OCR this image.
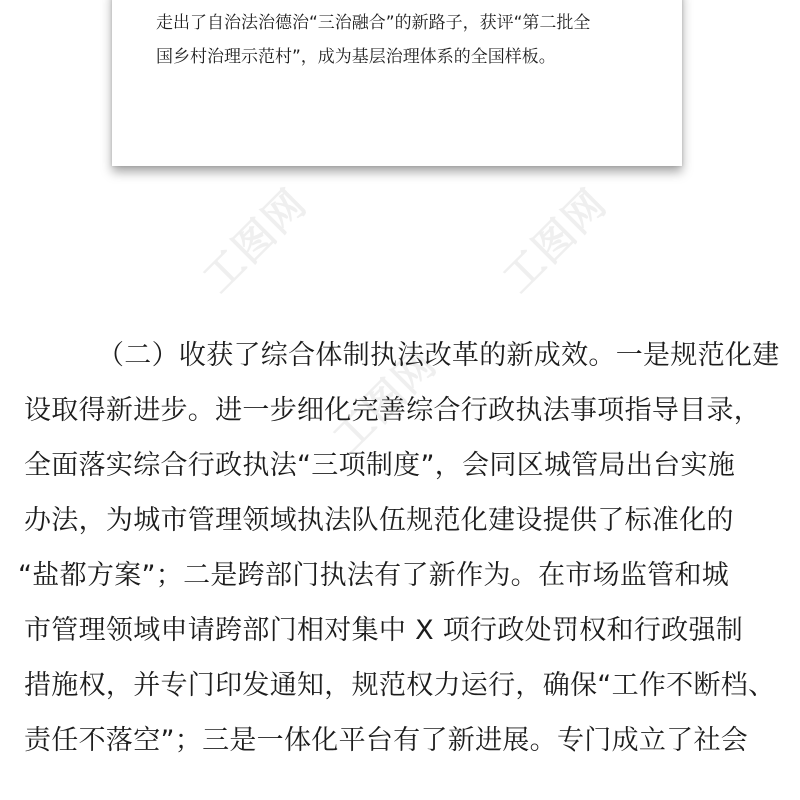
走出了自治法治德治“三治融合”的新路子，获评“第二批全
国乡村治理示范村”，成为基层治理体系的全国样板。
工图网	工图网
工图网
（二）收获了综合体制执法改革的新成效。一是规范化建
设取得新进步。进一步细化完善综合行政执法事项指导目录，
全面落实综合行政执法“三项制度”，会同区城管局出台实施
办法，为城市管理领域执法队伍规范化建设提供了标准化的
“盐都方案”；二是跨部门执法有了新作为。在市场监管和城
市管理领域申请跨部门相对集中 X 项行政处罚权和行政强制
措施权，并专门印发通知，规范权力运行，确保“工作不断档、
责任不落空”；三是一体化平台有了新进展。专门成立了社会
